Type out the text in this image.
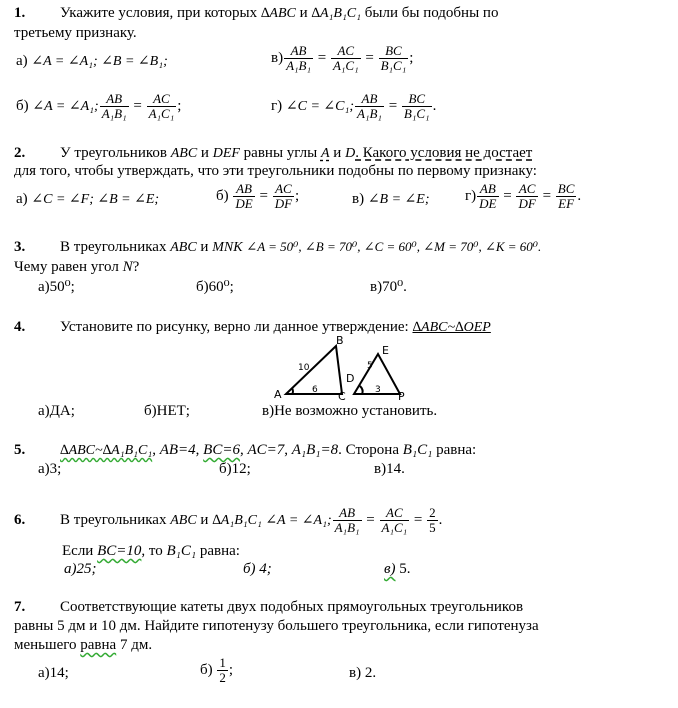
1. Укажите условия, при которых ∆ABC и ∆A₁B₁C₁ были бы подобны по
третьему признаку.
а) ∠A = ∠A₁; ∠B = ∠B₁;	$в) \frac{AB}{\text{A₁B₁}} = \frac{AC}{\text{A₁C₁}} = \frac{BC}{\text{B₁C₁}}$ ;
б) ∠A = ∠A₁; $\frac{AB}{\text{A₁B₁}} = \frac{AC}{\text{A₁C₁}}$ ;	г) ∠C = ∠C₁; $\frac{AB}{\text{A₁B₁}} = \frac{BC}{\text{B₁C₁}}$ .
2. У треугольников ABC и DEF равны углы A и D. Какого условия не достает
для того, чтобы утверждать, что эти треугольники подобны по первому признаку:
а) ∠C = ∠F; ∠B = ∠E;	$б) \frac{AB}{DE} = \frac{AC}{DF}$ ;	в) ∠B = ∠E; $г) \frac{AB}{DE} = \frac{AC}{DF} = \frac{BC}{EF}$ .
3. В треугольниках ABC и MNK ∠A = 50⁰, ∠B = 70⁰, ∠C = 60⁰, ∠M = 70⁰, ∠K = 60⁰.
Чему равен угол N?
а)50⁰;	б)60⁰;	в)70⁰.
4. Установите по рисунку, верно ли данное утверждение: ∆ABC~∆OEP
A
B
C
D
E
P
10
6
5
3
а)ДА;	б)НЕТ;	в)Не возможно установить.
5. ∆ABC~∆A₁B₁C₁, AB=4, BC=6, AC=7, A₁B₁=8. Сторона B₁C₁ равна:
а)3;	б)12;	в)14.
6. В треугольниках ABC и ∆A₁B₁C₁ ∠A = ∠A₁; $\frac{AB}{\text{A₁B₁}} = \frac{AC}{\text{A₁C₁}} = \frac{2}{5}$ .
Если BC=10, то B₁C₁ равна:
а)25;	б) 4;	в) 5.
7. Соответствующие катеты двух подобных прямоугольных треугольников
равны 5 дм и 10 дм. Найдите гипотенузу большего треугольника, если гипотенуза
меньшего равна 7 дм.
а)14;	$б) \frac{1}{2}$ ;	в) 2.
